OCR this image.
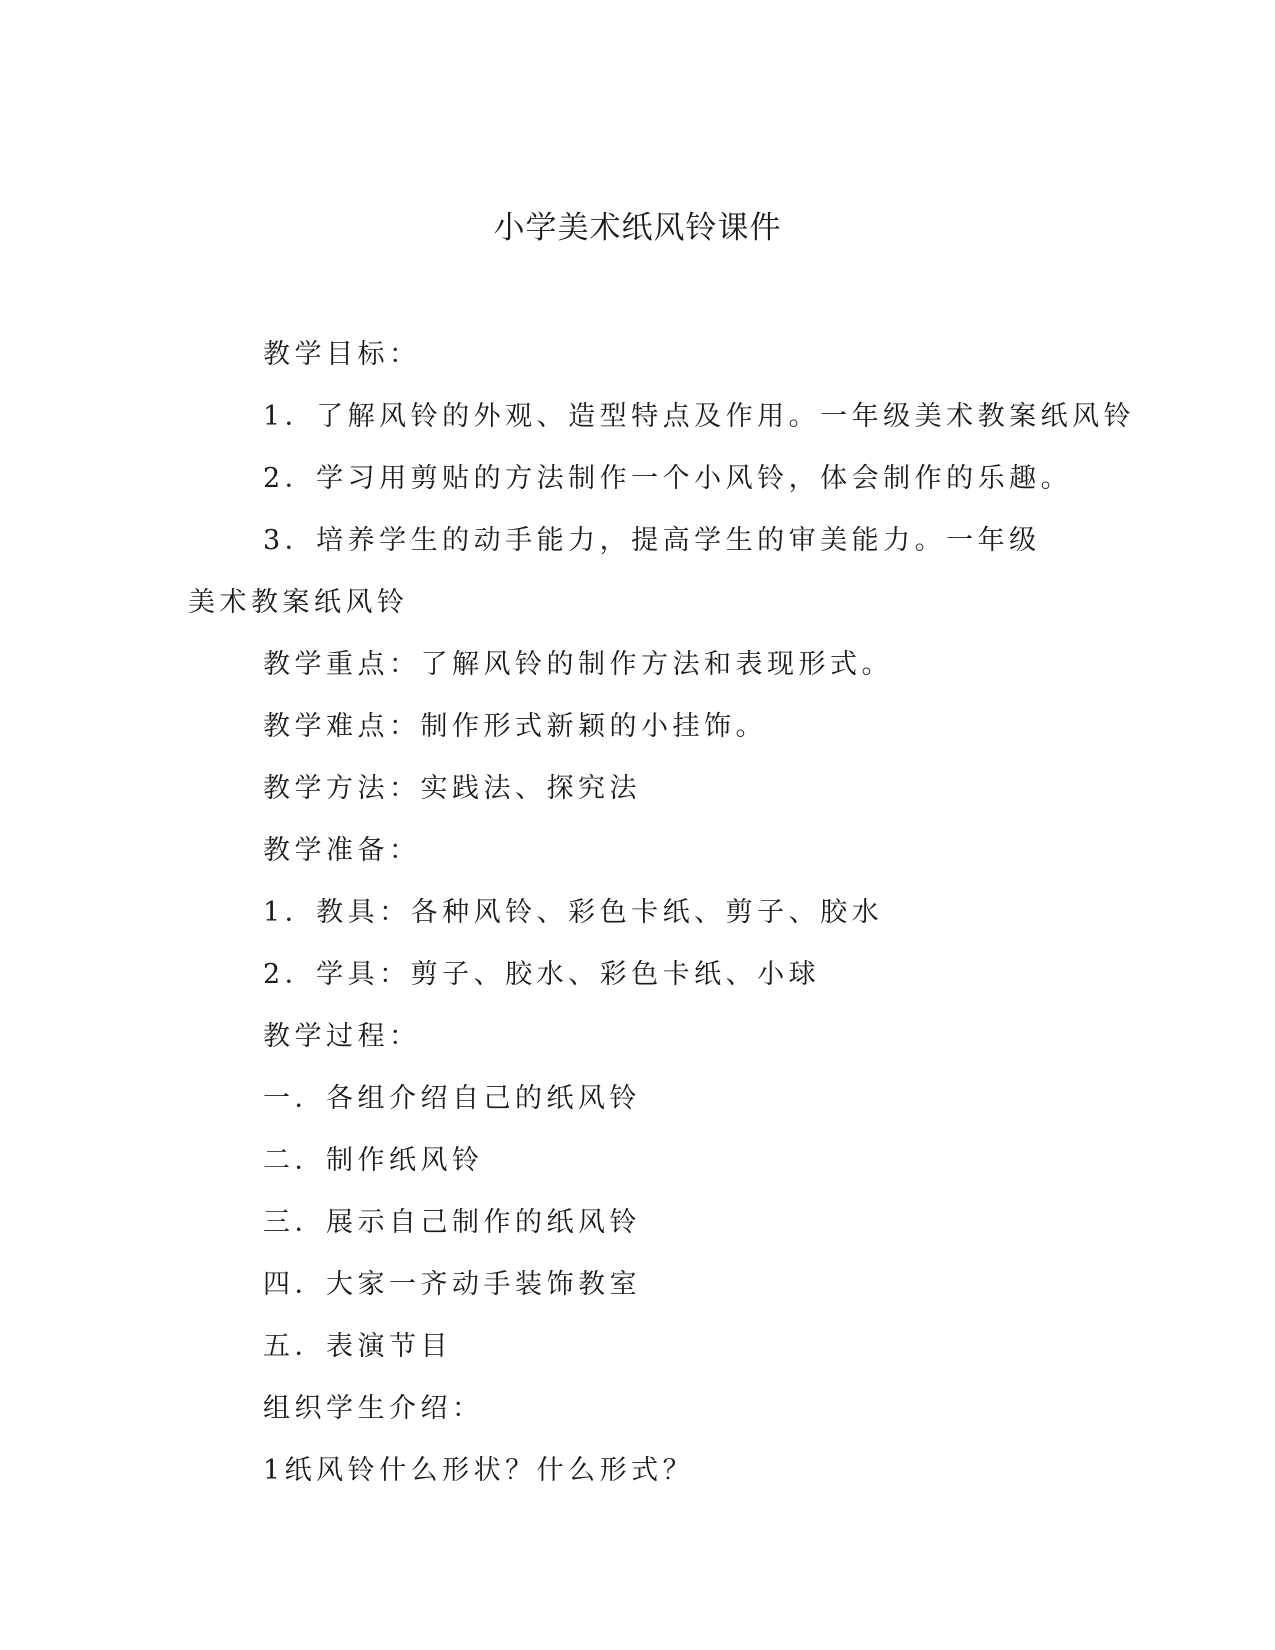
小学美术纸风铃课件

教学目标：

1．了解风铃的外观、造型特点及作用。一年级美术教案纸风铃

2．学习用剪贴的方法制作一个小风铃，体会制作的乐趣。

3．培养学生的动手能力，提高学生的审美能力。一年级美术教案纸风铃

教学重点：了解风铃的制作方法和表现形式。

教学难点：制作形式新颖的小挂饰。

教学方法：实践法、探究法

教学准备：

1．教具：各种风铃、彩色卡纸、剪子、胶水

2．学具：剪子、胶水、彩色卡纸、小球

教学过程：

一．各组介绍自己的纸风铃

二．制作纸风铃

三．展示自己制作的纸风铃

四．大家一齐动手装饰教室

五．表演节目

组织学生介绍：

1纸风铃什么形状？什么形式？
